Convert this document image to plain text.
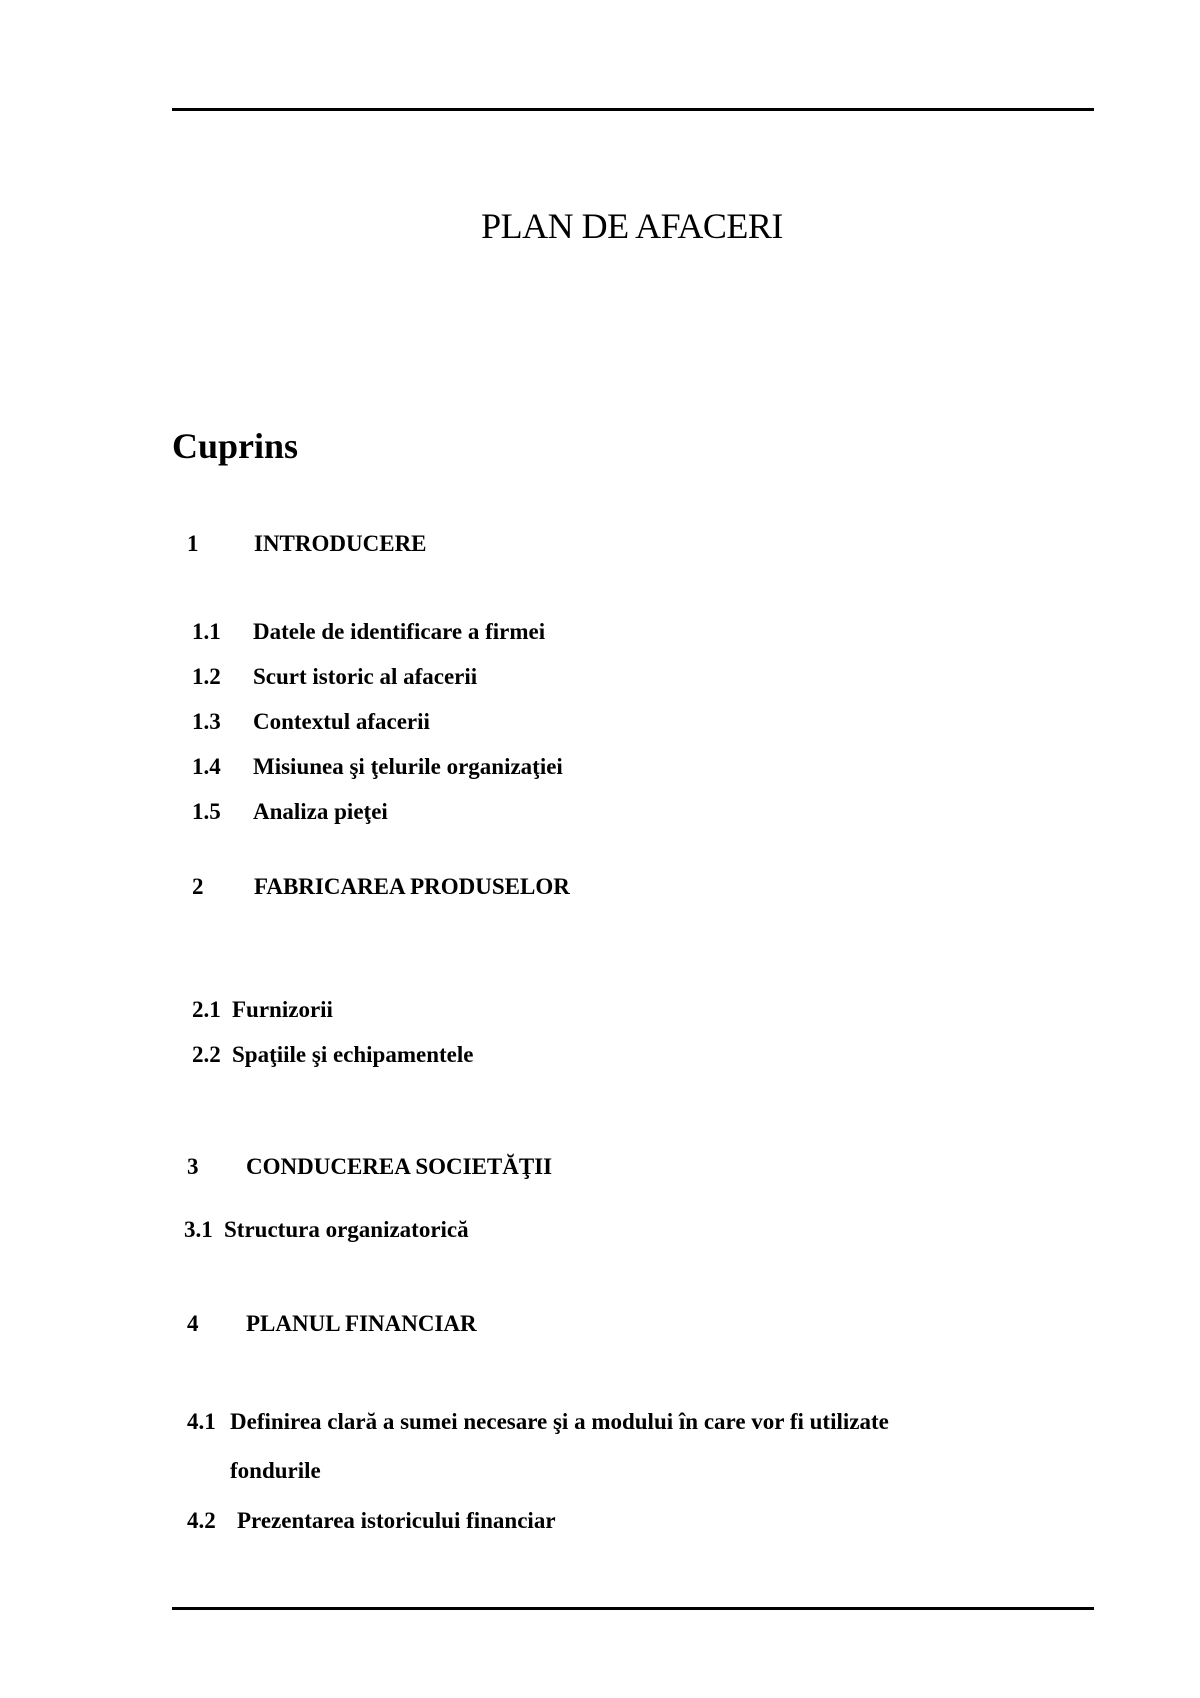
PLAN DE AFACERI
Cuprins
1 INTRODUCERE
1.1 Datele de identificare a firmei
1.2 Scurt istoric al afacerii
1.3 Contextul afacerii
1.4 Misiunea şi ţelurile organizaţiei
1.5 Analiza pieţei
2 FABRICAREA PRODUSELOR
2.1 Furnizorii
2.2 Spaţiile şi echipamentele
3 CONDUCEREA SOCIETĂŢII
3.1 Structura organizatorică
4 PLANUL FINANCIAR
4.1 Definirea clară a sumei necesare şi a modului în care vor fi utilizate
fondurile
4.2 Prezentarea istoricului financiar
